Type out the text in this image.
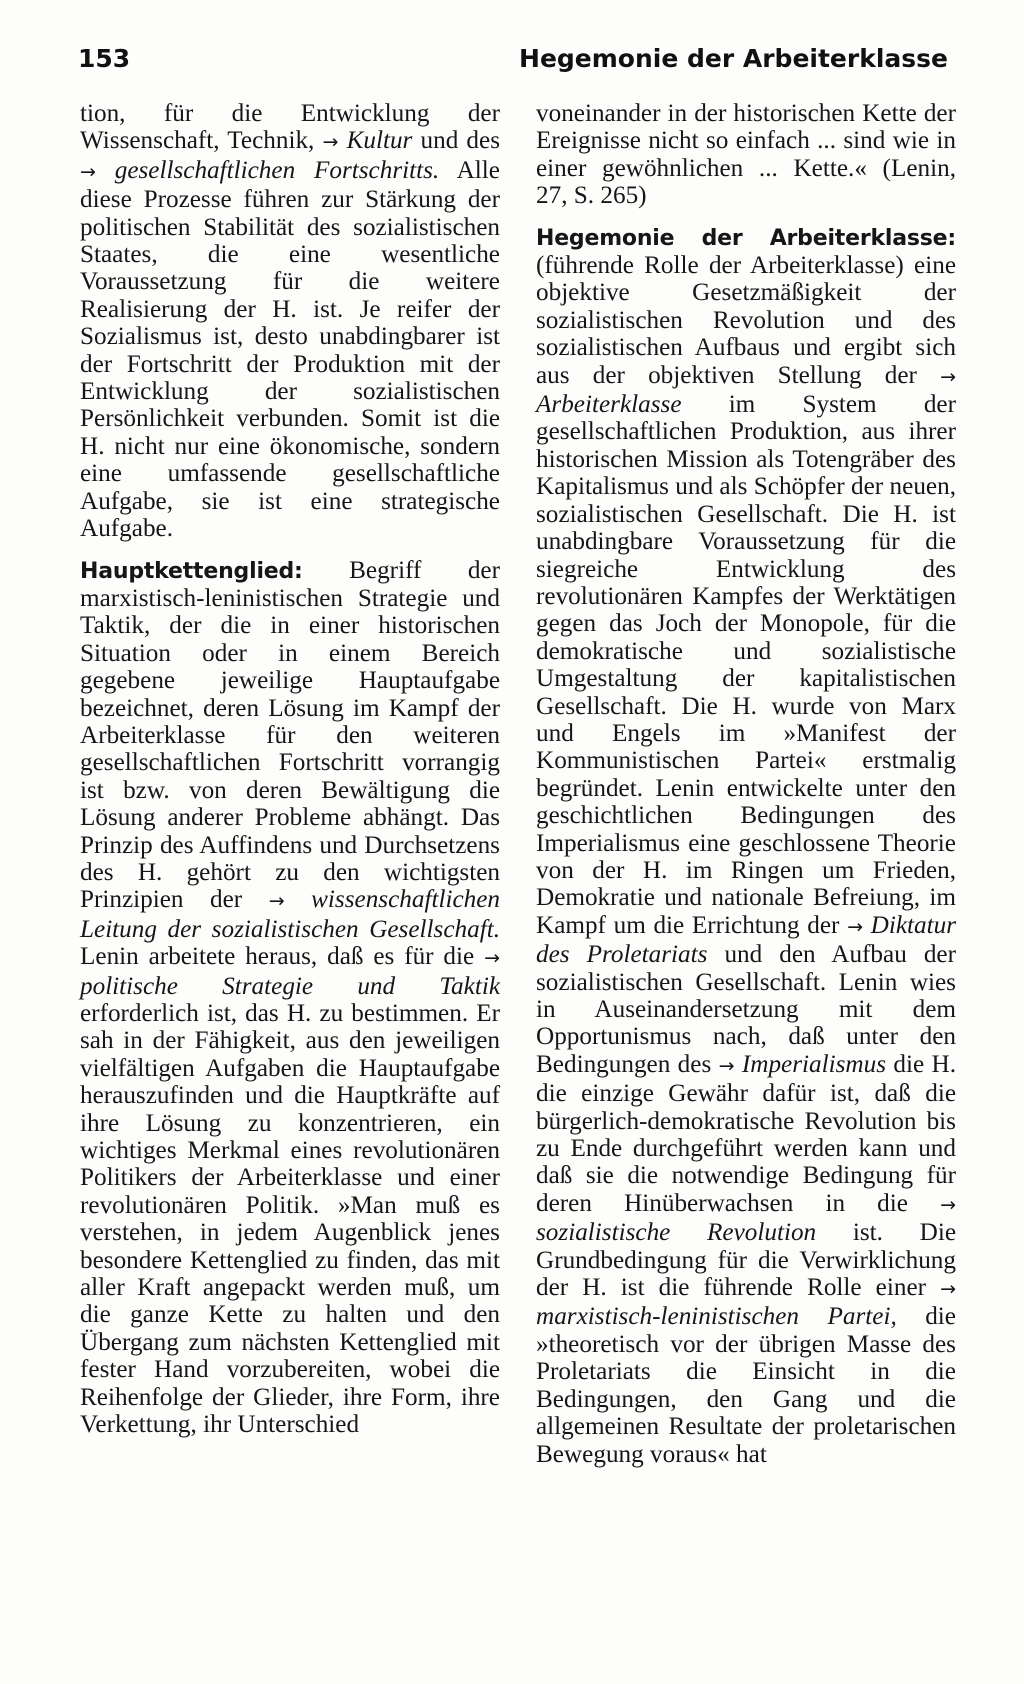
153	Hegemonie der Arbeiterklasse

tion, für die Entwicklung der Wissenschaft, Technik, → Kultur und des → gesellschaftlichen Fortschritts. Alle diese Prozesse führen zur Stärkung der politischen Stabilität des sozialistischen Staates, die eine wesentliche Voraussetzung für die weitere Realisierung der H. ist. Je reifer der Sozialismus ist, desto unabdingbarer ist der Fortschritt der Produktion mit der Entwicklung der sozialistischen Persönlichkeit verbunden. Somit ist die H. nicht nur eine ökonomische, sondern eine umfassende gesellschaftliche Aufgabe, sie ist eine strategische Aufgabe.

Hauptkettenglied: Begriff der marxistisch-leninistischen Strategie und Taktik, der die in einer historischen Situation oder in einem Bereich gegebene jeweilige Hauptaufgabe bezeichnet, deren Lösung im Kampf der Arbeiterklasse für den weiteren gesellschaftlichen Fortschritt vorrangig ist bzw. von deren Bewältigung die Lösung anderer Probleme abhängt. Das Prinzip des Auffindens und Durchsetzens des H. gehört zu den wichtigsten Prinzipien der → wissenschaftlichen Leitung der sozialistischen Gesellschaft. Lenin arbeitete heraus, daß es für die → politische Strategie und Taktik erforderlich ist, das H. zu bestimmen. Er sah in der Fähigkeit, aus den jeweiligen vielfältigen Aufgaben die Hauptaufgabe herauszufinden und die Hauptkräfte auf ihre Lösung zu konzentrieren, ein wichtiges Merkmal eines revolutionären Politikers der Arbeiterklasse und einer revolutionären Politik. »Man muß es verstehen, in jedem Augenblick jenes besondere Kettenglied zu finden, das mit aller Kraft angepackt werden muß, um die ganze Kette zu halten und den Übergang zum nächsten Kettenglied mit fester Hand vorzubereiten, wobei die Reihenfolge der Glieder, ihre Form, ihre Verkettung, ihr Unterschied

voneinander in der historischen Kette der Ereignisse nicht so einfach ... sind wie in einer gewöhnlichen ... Kette.« (Lenin, 27, S. 265)

Hegemonie der Arbeiterklasse: (führende Rolle der Arbeiterklasse) eine objektive Gesetzmäßigkeit der sozialistischen Revolution und des sozialistischen Aufbaus und ergibt sich aus der objektiven Stellung der → Arbeiterklasse im System der gesellschaftlichen Produktion, aus ihrer historischen Mission als Totengräber des Kapitalismus und als Schöpfer der neuen, sozialistischen Gesellschaft. Die H. ist unabdingbare Voraussetzung für die siegreiche Entwicklung des revolutionären Kampfes der Werktätigen gegen das Joch der Monopole, für die demokratische und sozialistische Umgestaltung der kapitalistischen Gesellschaft. Die H. wurde von Marx und Engels im »Manifest der Kommunistischen Partei« erstmalig begründet. Lenin entwickelte unter den geschichtlichen Bedingungen des Imperialismus eine geschlossene Theorie von der H. im Ringen um Frieden, Demokratie und nationale Befreiung, im Kampf um die Errichtung der → Diktatur des Proletariats und den Aufbau der sozialistischen Gesellschaft. Lenin wies in Auseinandersetzung mit dem Opportunismus nach, daß unter den Bedingungen des → Imperialismus die H. die einzige Gewähr dafür ist, daß die bürgerlich-demokratische Revolution bis zu Ende durchgeführt werden kann und daß sie die notwendige Bedingung für deren Hinüberwachsen in die → sozialistische Revolution ist. Die Grundbedingung für die Verwirklichung der H. ist die führende Rolle einer → marxistisch-leninistischen Partei, die »theoretisch vor der übrigen Masse des Proletariats die Einsicht in die Bedingungen, den Gang und die allgemeinen Resultate der proletarischen Bewegung voraus« hat
